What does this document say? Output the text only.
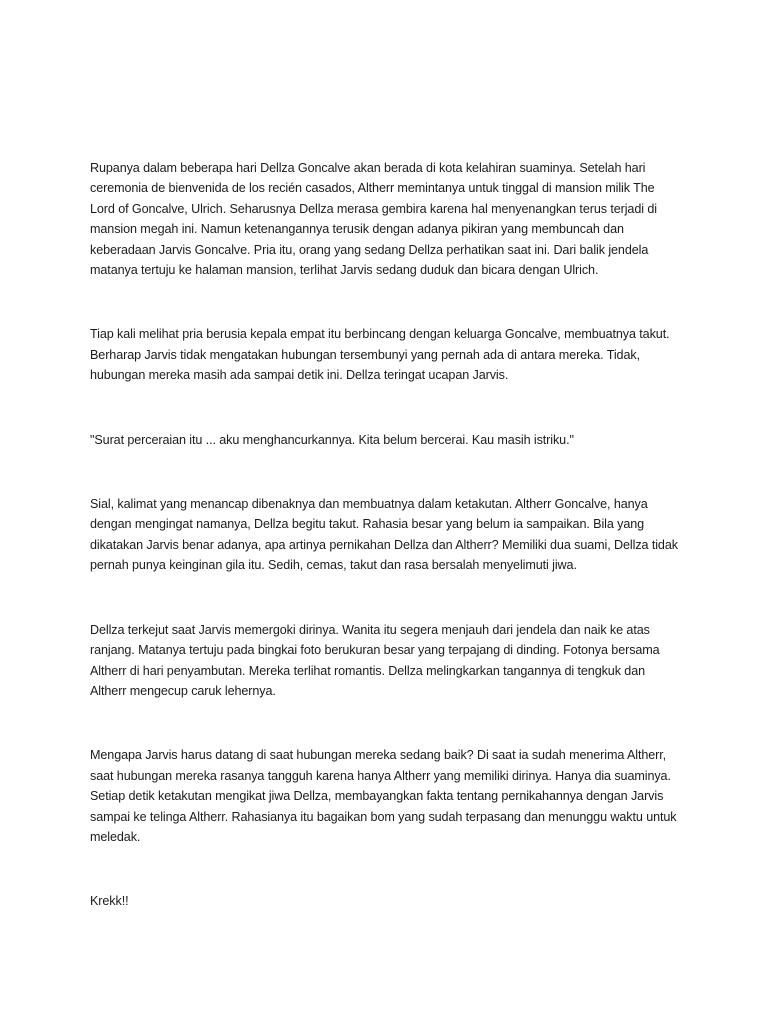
Rupanya dalam beberapa hari Dellza Goncalve akan berada di kota kelahiran suaminya. Setelah hari ceremonia de bienvenida de los recién casados, Altherr memintanya untuk tinggal di mansion milik The Lord of Goncalve, Ulrich. Seharusnya Dellza merasa gembira karena hal menyenangkan terus terjadi di mansion megah ini. Namun ketenangannya terusik dengan adanya pikiran yang membuncah dan keberadaan Jarvis Goncalve. Pria itu, orang yang sedang Dellza perhatikan saat ini. Dari balik jendela matanya tertuju ke halaman mansion, terlihat Jarvis sedang duduk dan bicara dengan Ulrich.

Tiap kali melihat pria berusia kepala empat itu berbincang dengan keluarga Goncalve, membuatnya takut. Berharap Jarvis tidak mengatakan hubungan tersembunyi yang pernah ada di antara mereka. Tidak, hubungan mereka masih ada sampai detik ini. Dellza teringat ucapan Jarvis.

"Surat perceraian itu ... aku menghancurkannya. Kita belum bercerai. Kau masih istriku."

Sial, kalimat yang menancap dibenaknya dan membuatnya dalam ketakutan. Altherr Goncalve, hanya dengan mengingat namanya, Dellza begitu takut. Rahasia besar yang belum ia sampaikan. Bila yang dikatakan Jarvis benar adanya, apa artinya pernikahan Dellza dan Altherr? Memiliki dua suami, Dellza tidak pernah punya keinginan gila itu. Sedih, cemas, takut dan rasa bersalah menyelimuti jiwa.

Dellza terkejut saat Jarvis memergoki dirinya. Wanita itu segera menjauh dari jendela dan naik ke atas ranjang. Matanya tertuju pada bingkai foto berukuran besar yang terpajang di dinding. Fotonya bersama Altherr di hari penyambutan. Mereka terlihat romantis. Dellza melingkarkan tangannya di tengkuk dan Altherr mengecup caruk lehernya.

Mengapa Jarvis harus datang di saat hubungan mereka sedang baik? Di saat ia sudah menerima Altherr, saat hubungan mereka rasanya tangguh karena hanya Altherr yang memiliki dirinya. Hanya dia suaminya. Setiap detik ketakutan mengikat jiwa Dellza, membayangkan fakta tentang pernikahannya dengan Jarvis sampai ke telinga Altherr. Rahasianya itu bagaikan bom yang sudah terpasang dan menunggu waktu untuk meledak.

Krekk!!
